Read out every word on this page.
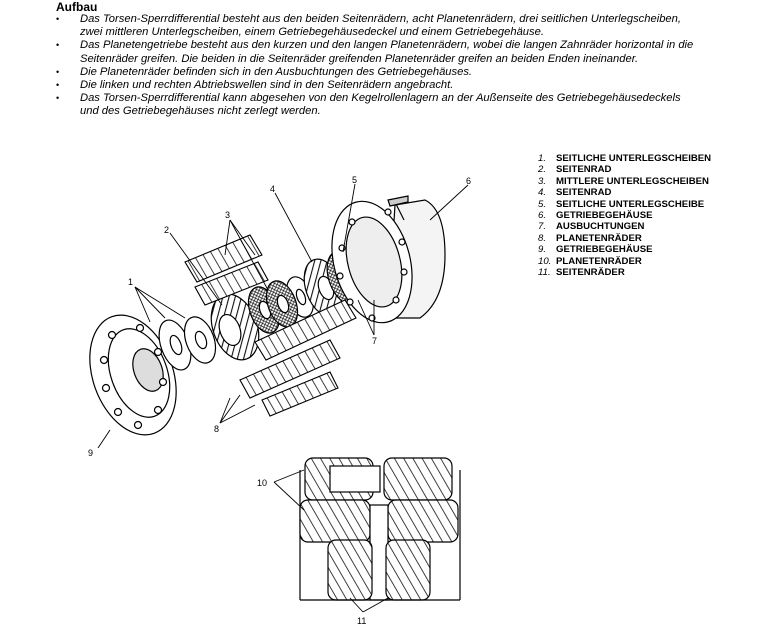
Aufbau
• Das Torsen-Sperrdifferential besteht aus den beiden Seitenrädern, acht Planetenrädern, drei seitlichen Unterlegscheiben, zwei mittleren Unterlegscheiben, einem Getriebegehäusedeckel und einem Getriebegehäuse.
• Das Planetengetriebe besteht aus den kurzen und den langen Planetenrädern, wobei die langen Zahnräder horizontal in die Seitenräder greifen. Die beiden in die Seitenräder greifenden Planetenräder greifen an beiden Enden ineinander.
• Die Planetenräder befinden sich in den Ausbuchtungen des Getriebegehäuses.
• Die linken und rechten Abtriebswellen sind in den Seitenrädern angebracht.
• Das Torsen-Sperrdifferential kann abgesehen von den Kegelrollenlagern an der Außenseite des Getriebegehäusedeckels und des Getriebegehäuses nicht zerlegt werden.
1. SEITLICHE UNTERLEGSCHEIBEN
2. SEITENRAD
3. MITTLERE UNTERLEGSCHEIBEN
4. SEITENRAD
5. SEITLICHE UNTERLEGSCHEIBE
6. GETRIEBEGEHÄUSE
7. AUSBUCHTUNGEN
8. PLANETENRÄDER
9. GETRIEBEGEHÄUSE
10. PLANETENRÄDER
11. SEITENRÄDER
1
2
3
4
5	6
7
8
9
10
11
